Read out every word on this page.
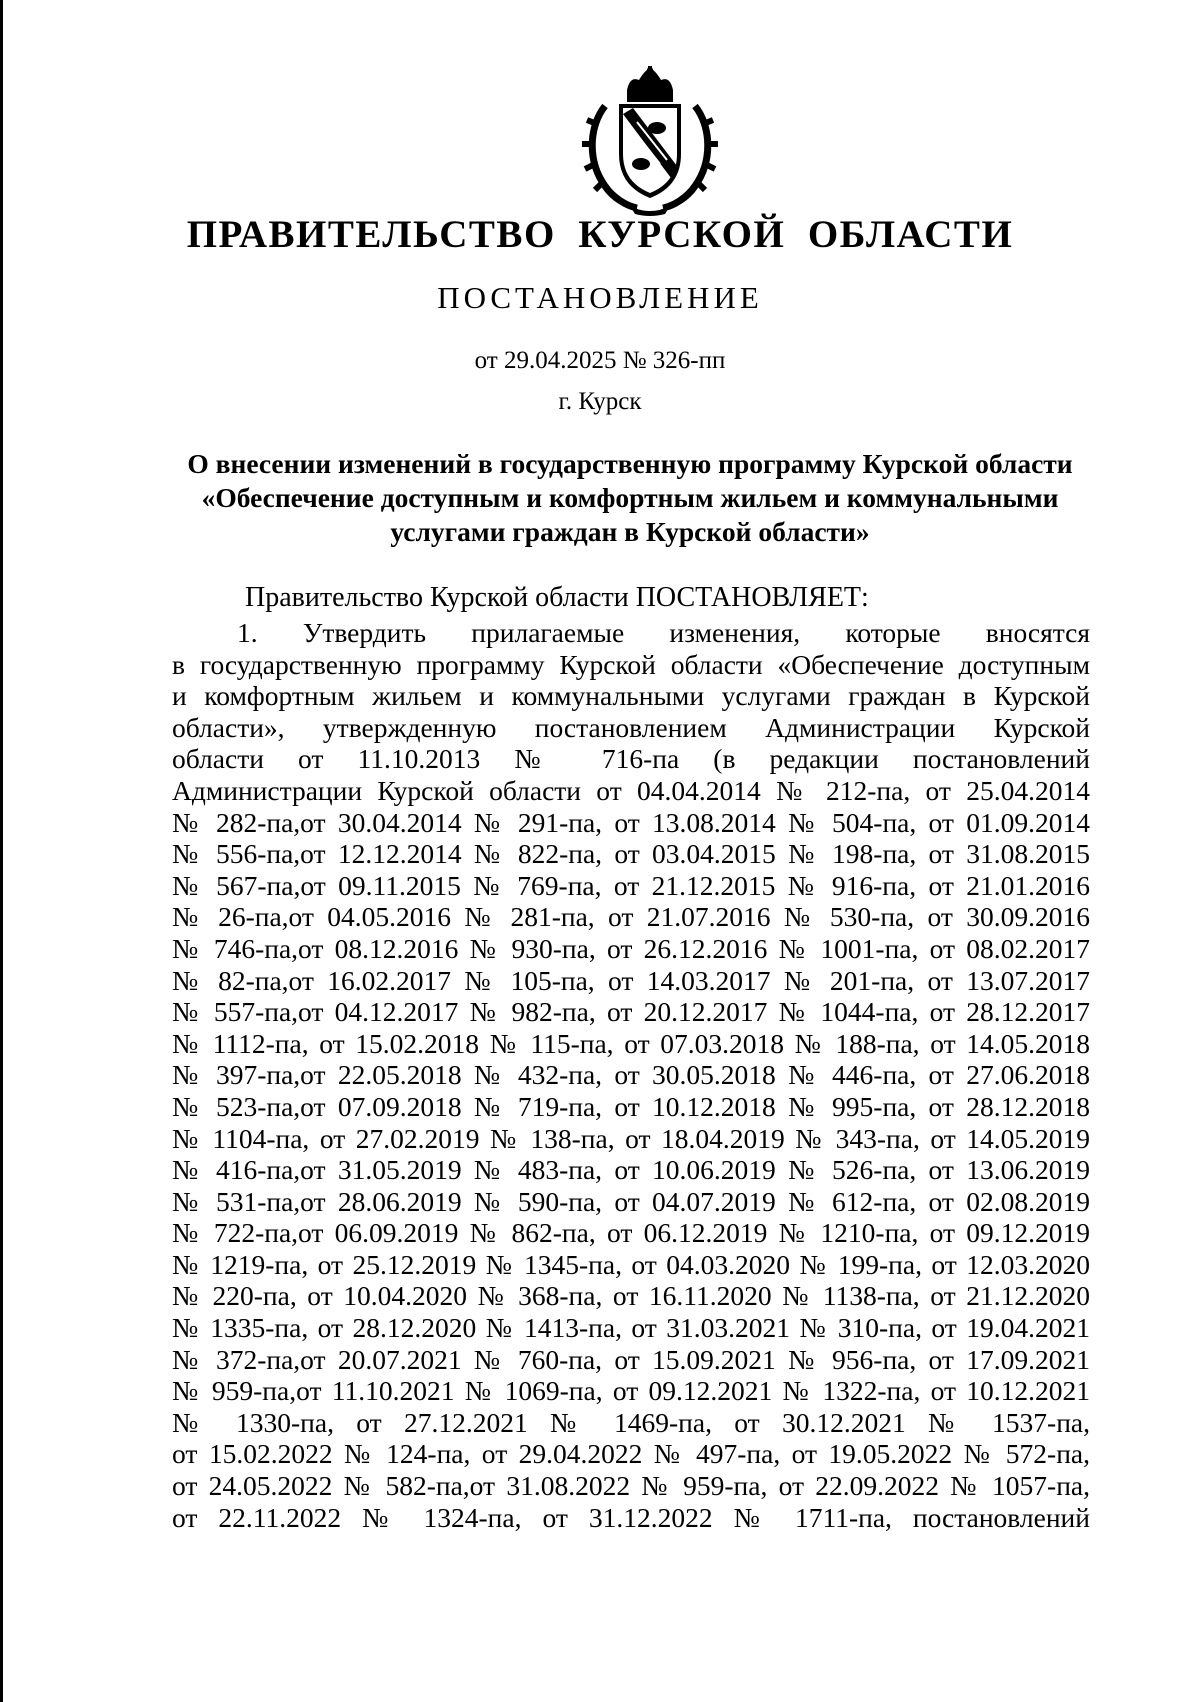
ПРАВИТЕЛЬСТВО  КУРСКОЙ  ОБЛАСТИ
ПОСТАНОВЛЕНИЕ
от 29.04.2025 № 326-пп
г. Курск
О внесении изменений в государственную программу Курской области
«Обеспечение доступным и комфортным жильем и коммунальными
услугами граждан в Курской области»
Правительство Курской области ПОСТАНОВЛЯЕТ:
1. Утвердить прилагаемые изменения, которые вносятся
в государственную программу Курской области «Обеспечение доступным
и комфортным жильем и коммунальными услугами граждан в Курской
области», утвержденную постановлением Администрации Курской
области от 11.10.2013 № 716-па (в редакции постановлений
Администрации Курской области от 04.04.2014 № 212-па, от 25.04.2014
№ 282-па,от 30.04.2014 № 291-па, от 13.08.2014 № 504-па, от 01.09.2014
№ 556-па,от 12.12.2014 № 822-па, от 03.04.2015 № 198-па, от 31.08.2015
№ 567-па,от 09.11.2015 № 769-па, от 21.12.2015 № 916-па, от 21.01.2016
№ 26-па,от 04.05.2016 № 281-па, от 21.07.2016 № 530-па, от 30.09.2016
№ 746-па,от 08.12.2016 № 930-па, от 26.12.2016 № 1001-па, от 08.02.2017
№ 82-па,от 16.02.2017 № 105-па, от 14.03.2017 № 201-па, от 13.07.2017
№ 557-па,от 04.12.2017 № 982-па, от 20.12.2017 № 1044-па, от 28.12.2017
№ 1112-па, от 15.02.2018 № 115-па, от 07.03.2018 № 188-па, от 14.05.2018
№ 397-па,от 22.05.2018 № 432-па, от 30.05.2018 № 446-па, от 27.06.2018
№ 523-па,от 07.09.2018 № 719-па, от 10.12.2018 № 995-па, от 28.12.2018
№ 1104-па, от 27.02.2019 № 138-па, от 18.04.2019 № 343-па, от 14.05.2019
№ 416-па,от 31.05.2019 № 483-па, от 10.06.2019 № 526-па, от 13.06.2019
№ 531-па,от 28.06.2019 № 590-па, от 04.07.2019 № 612-па, от 02.08.2019
№ 722-па,от 06.09.2019 № 862-па, от 06.12.2019 № 1210-па, от 09.12.2019
№ 1219-па, от 25.12.2019 № 1345-па, от 04.03.2020 № 199-па, от 12.03.2020
№ 220-па, от 10.04.2020 № 368-па, от 16.11.2020 № 1138-па, от 21.12.2020
№ 1335-па, от 28.12.2020 № 1413-па, от 31.03.2021 № 310-па, от 19.04.2021
№ 372-па,от 20.07.2021 № 760-па, от 15.09.2021 № 956-па, от 17.09.2021
№ 959-па,от 11.10.2021 № 1069-па, от 09.12.2021 № 1322-па, от 10.12.2021
№ 1330-па, от 27.12.2021 № 1469-па, от 30.12.2021 № 1537-па,
от 15.02.2022 № 124-па, от 29.04.2022 № 497-па, от 19.05.2022 № 572-па,
от 24.05.2022 № 582-па,от 31.08.2022 № 959-па, от 22.09.2022 № 1057-па,
от 22.11.2022 № 1324-па, от 31.12.2022 № 1711-па, постановлений
